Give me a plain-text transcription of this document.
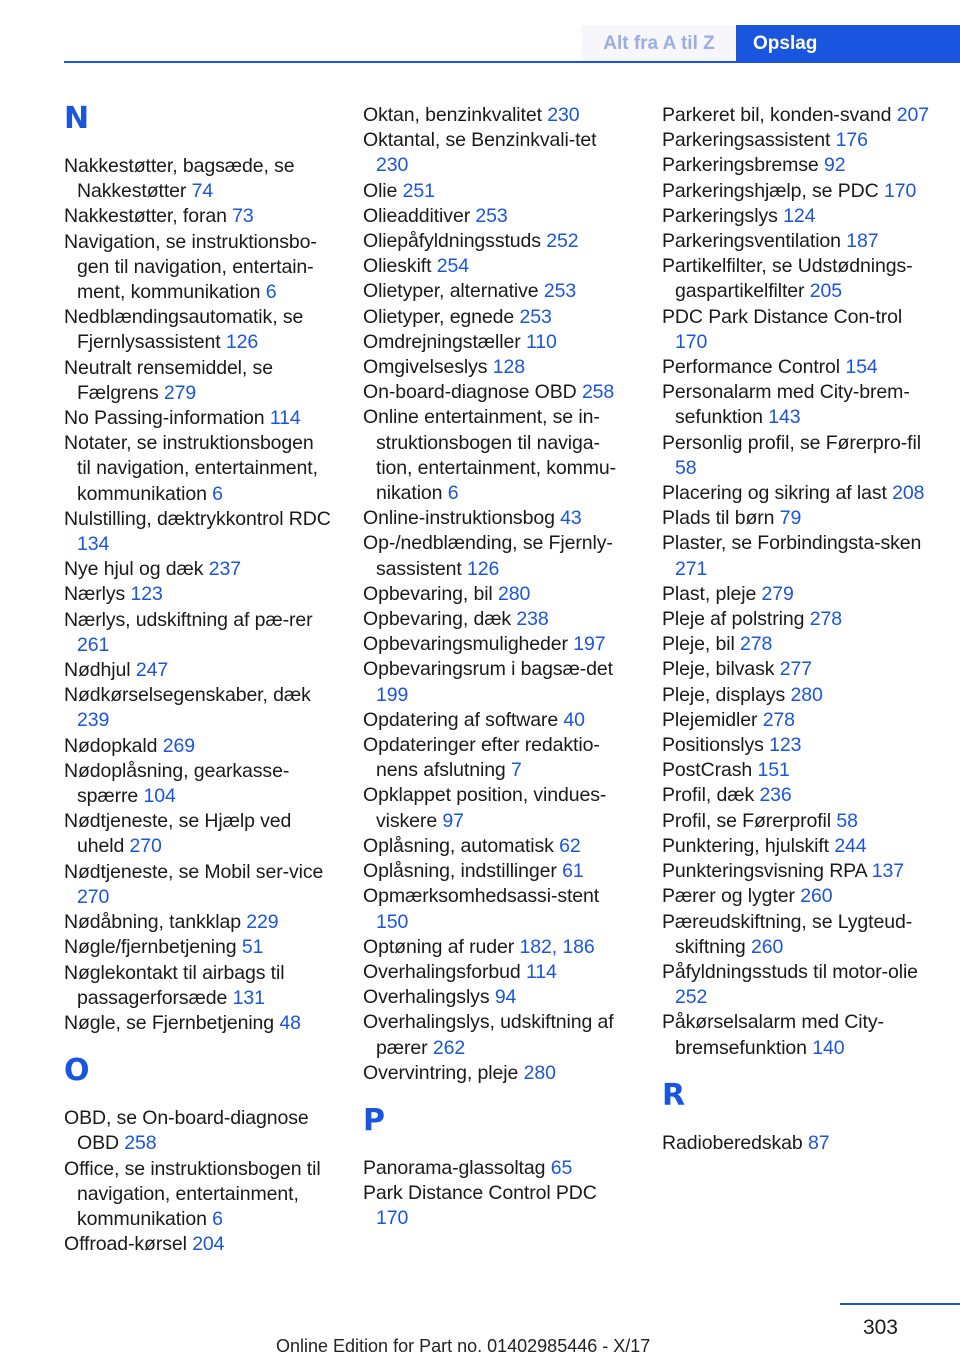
Alt fra A til Z	Opslag
N
Nakkestøtter, bagsæde, se Nakkestøtter 74
Nakkestøtter, foran 73
Navigation, se instruktionsbo-gen til navigation, entertain-ment, kommunikation 6
Nedblændingsautomatik, se Fjernlysassistent 126
Neutralt rensemiddel, se Fælgrens 279
No Passing-information 114
Notater, se instruktionsbogen til navigation, entertainment, kommunikation 6
Nulstilling, dæktrykkontrol RDC 134
Nye hjul og dæk 237
Nærlys 123
Nærlys, udskiftning af pæ-rer 261
Nødhjul 247
Nødkørselsegenskaber, dæk 239
Nødopkald 269
Nødoplåsning, gearkasse-spærre 104
Nødtjeneste, se Hjælp ved uheld 270
Nødtjeneste, se Mobil ser-vice 270
Nødåbning, tankklap 229
Nøgle/fjernbetjening 51
Nøglekontakt til airbags til passagerforsæde 131
Nøgle, se Fjernbetjening 48
O
OBD, se On-board-diagnose OBD 258
Office, se instruktionsbogen til navigation, entertainment, kommunikation 6
Offroad-kørsel 204
Oktan, benzinkvalitet 230
Oktantal, se Benzinkvali-tet 230
Olie 251
Olieadditiver 253
Oliepåfyldningsstuds 252
Olieskift 254
Olietyper, alternative 253
Olietyper, egnede 253
Omdrejningstæller 110
Omgivelseslys 128
On-board-diagnose OBD 258
Online entertainment, se in-struktionsbogen til naviga-tion, entertainment, kommu-nikation 6
Online-instruktionsbog 43
Op-/nedblænding, se Fjernly-sassistent 126
Opbevaring, bil 280
Opbevaring, dæk 238
Opbevaringsmuligheder 197
Opbevaringsrum i bagsæ-det 199
Opdatering af software 40
Opdateringer efter redaktio-nens afslutning 7
Opklappet position, vindues-viskere 97
Oplåsning, automatisk 62
Oplåsning, indstillinger 61
Opmærksomhedsassi-stent 150
Optøning af ruder 182, 186
Overhalingsforbud 114
Overhalingslys 94
Overhalingslys, udskiftning af pærer 262
Overvintring, pleje 280
P
Panorama-glassoltag 65
Park Distance Control PDC 170
Parkeret bil, konden-svand 207
Parkeringsassistent 176
Parkeringsbremse 92
Parkeringshjælp, se PDC 170
Parkeringslys 124
Parkeringsventilation 187
Partikelfilter, se Udstødnings-gaspartikelfilter 205
PDC Park Distance Con-trol 170
Performance Control 154
Personalarm med City-brem-sefunktion 143
Personlig profil, se Førerpro-fil 58
Placering og sikring af last 208
Plads til børn 79
Plaster, se Forbindingsta-sken 271
Plast, pleje 279
Pleje af polstring 278
Pleje, bil 278
Pleje, bilvask 277
Pleje, displays 280
Plejemidler 278
Positionslys 123
PostCrash 151
Profil, dæk 236
Profil, se Førerprofil 58
Punktering, hjulskift 244
Punkteringsvisning RPA 137
Pærer og lygter 260
Pæreudskiftning, se Lygteud-skiftning 260
Påfyldningsstuds til motor-olie 252
Påkørselsalarm med City-bremsefunktion 140
R
Radioberedskab 87
303
Online Edition for Part no. 01402985446 - X/17
